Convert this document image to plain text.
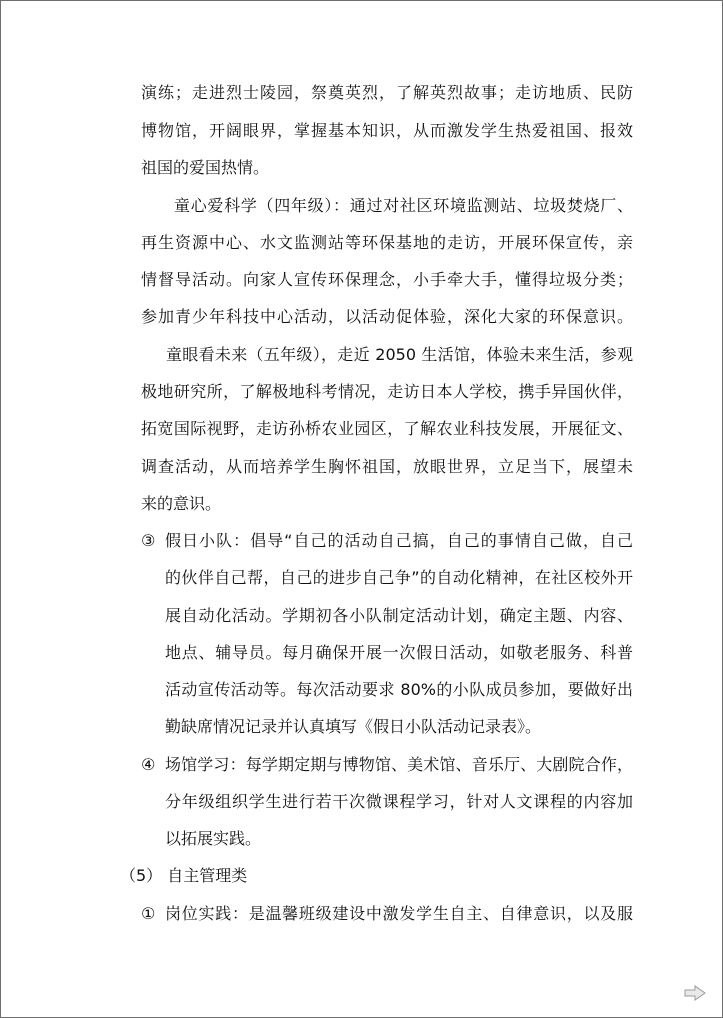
演练；走进烈士陵园，祭奠英烈，了解英烈故事；走访地质、民防
博物馆，开阔眼界，掌握基本知识，从而激发学生热爱祖国、报效
祖国的爱国热情。
童心爱科学（四年级）：通过对社区环境监测站、垃圾焚烧厂、
再生资源中心、水文监测站等环保基地的走访，开展环保宣传，亲
情督导活动。向家人宣传环保理念，小手牵大手，懂得垃圾分类；
参加青少年科技中心活动，以活动促体验，深化大家的环保意识。
童眼看未来（五年级），走近 2050 生活馆，体验未来生活，参观
极地研究所，了解极地科考情况，走访日本人学校，携手异国伙伴，
拓宽国际视野，走访孙桥农业园区，了解农业科技发展，开展征文、
调查活动，从而培养学生胸怀祖国，放眼世界，立足当下，展望未
来的意识。
③ 假日小队：倡导“自己的活动自己搞，自己的事情自己做，自己
的伙伴自己帮，自己的进步自己争”的自动化精神，在社区校外开
展自动化活动。学期初各小队制定活动计划，确定主题、内容、
地点、辅导员。每月确保开展一次假日活动，如敬老服务、科普
活动宣传活动等。每次活动要求 80%的小队成员参加，要做好出
勤缺席情况记录并认真填写《假日小队活动记录表》。
④ 场馆学习：每学期定期与博物馆、美术馆、音乐厅、大剧院合作，
分年级组织学生进行若干次微课程学习，针对人文课程的内容加
以拓展实践。
（5） 自主管理类
① 岗位实践：是温馨班级建设中激发学生自主、自律意识，以及服
